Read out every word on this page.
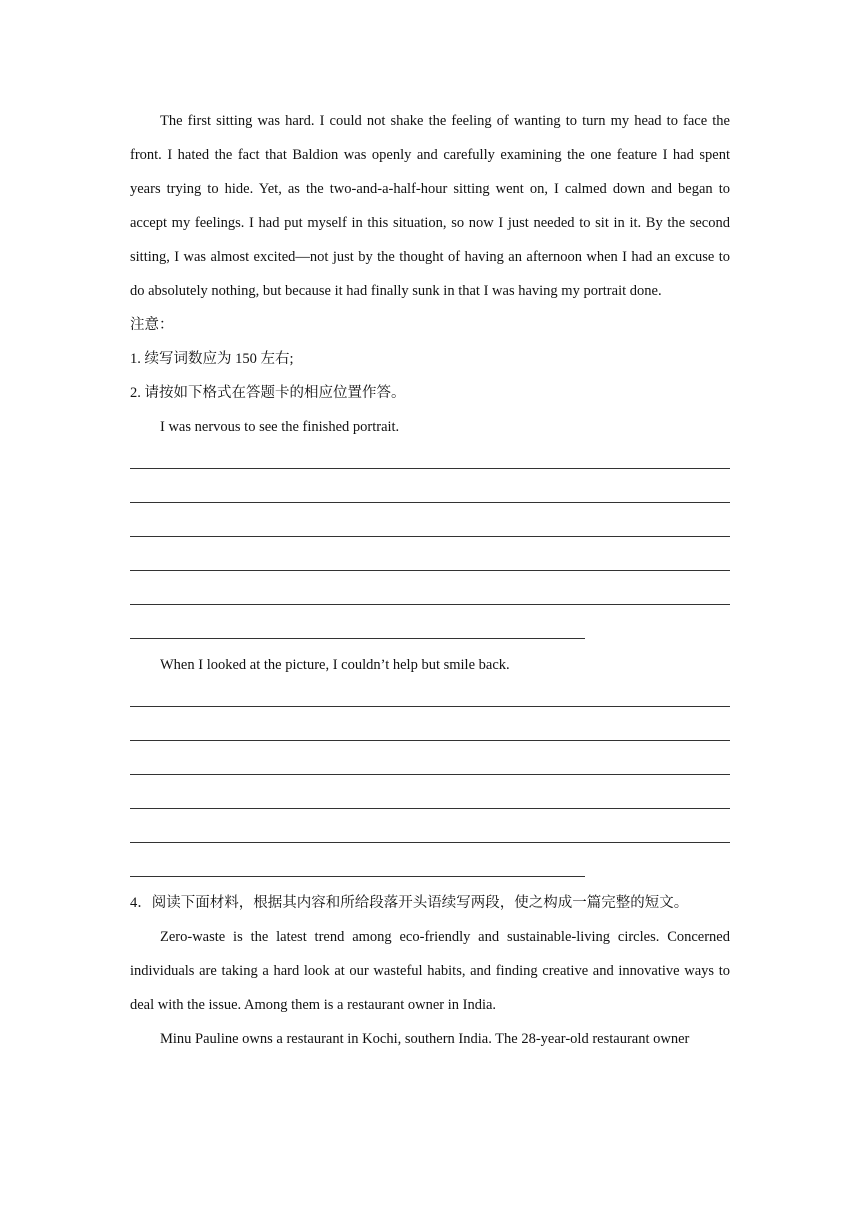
The first sitting was hard. I could not shake the feeling of wanting to turn my head to face the front. I hated the fact that Baldion was openly and carefully examining the one feature I had spent years trying to hide. Yet, as the two-and-a-half-hour sitting went on, I calmed down and began to accept my feelings. I had put myself in this situation, so now I just needed to sit in it. By the second sitting, I was almost excited—not just by the thought of having an afternoon when I had an excuse to do absolutely nothing, but because it had finally sunk in that I was having my portrait done.

注意：

1. 续写词数应为 150 左右;

2. 请按如下格式在答题卡的相应位置作答。

I was nervous to see the finished portrait.

When I looked at the picture, I couldn’t help but smile back.

4．阅读下面材料，根据其内容和所给段落开头语续写两段，使之构成一篇完整的短文。

Zero-waste is the latest trend among eco-friendly and sustainable-living circles. Concerned individuals are taking a hard look at our wasteful habits, and finding creative and innovative ways to deal with the issue. Among them is a restaurant owner in India.

Minu Pauline owns a restaurant in Kochi, southern India. The 28-year-old restaurant owner
